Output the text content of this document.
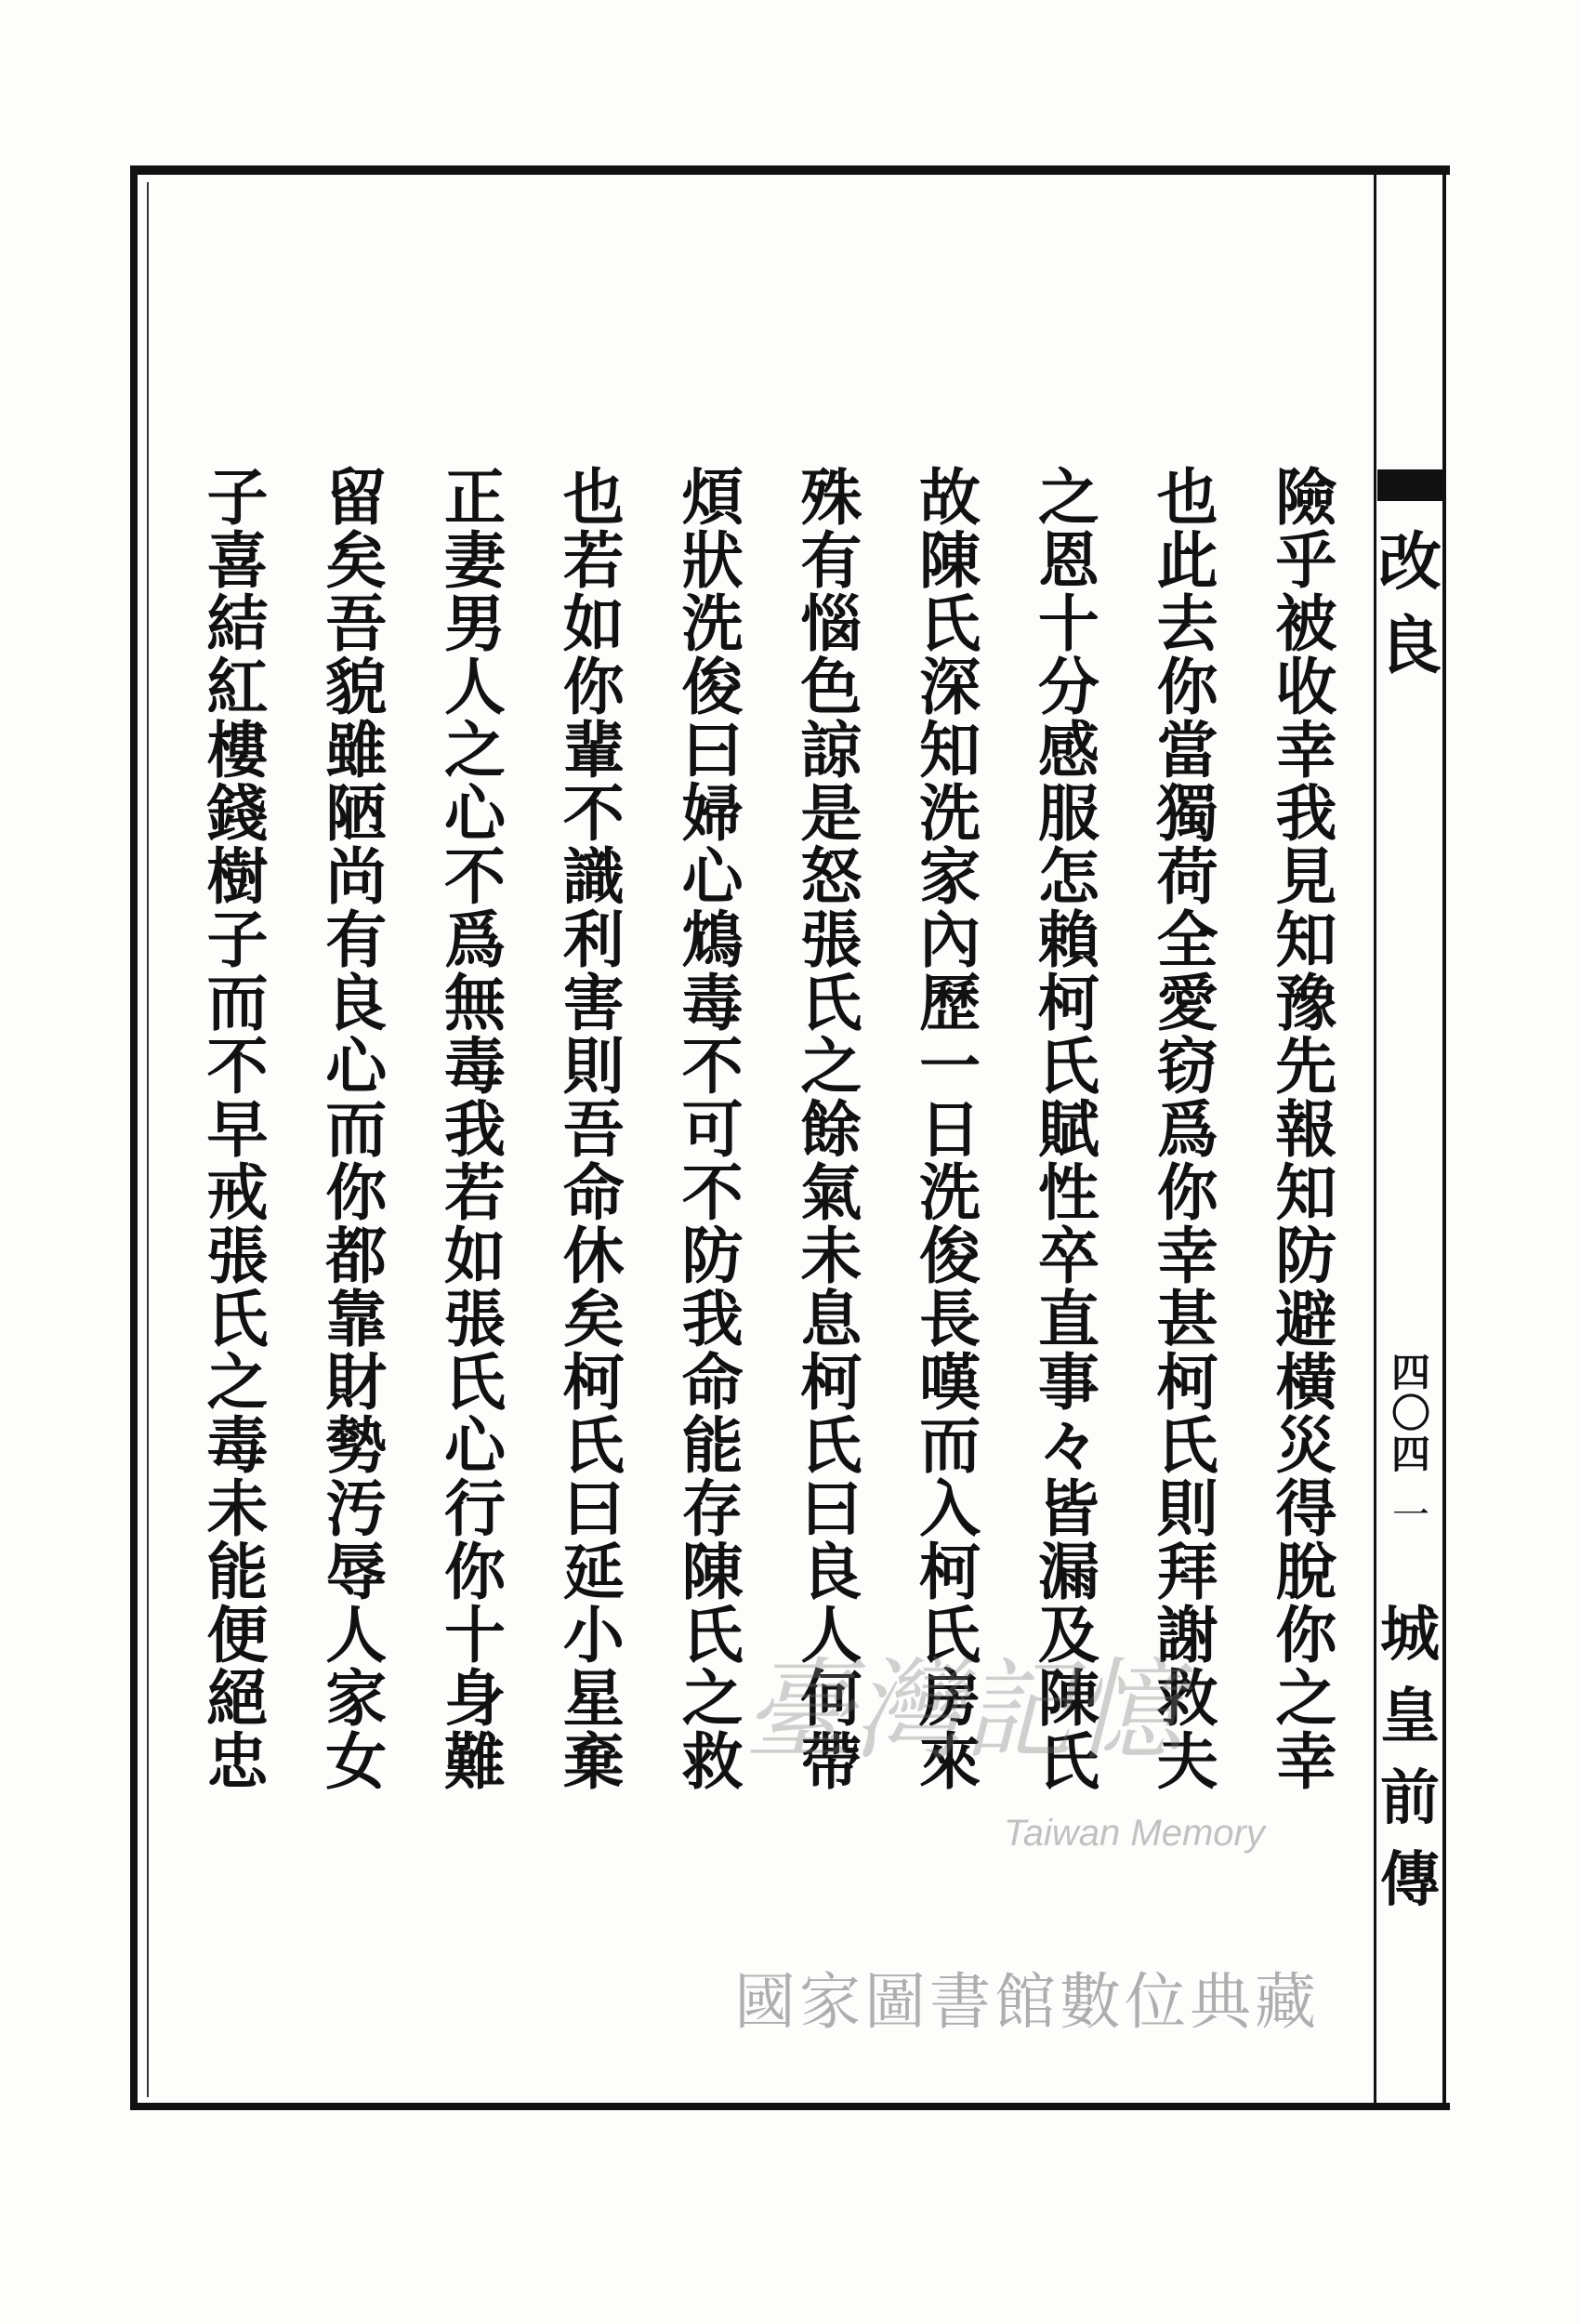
改良
四〇四
一
城皇前傳
險乎被收幸我見知豫先報知防避橫災得脫你之幸
也此去你當獨荷全愛窃爲你幸甚柯氏則拜謝救夫
之恩十分感服怎賴柯氏賦性卒直事々皆漏及陳氏
故陳氏深知洗家內歷一日洗俊長嘆而入柯氏房來
殊有惱色諒是怒張氏之餘氣未息柯氏曰良人何帶
煩狀洗俊曰婦心鴆毒不可不防我命能存陳氏之救
也若如你輩不識利害則吾命休矣柯氏曰延小星棄
正妻男人之心不爲無毒我若如張氏心行你十身難
留矣吾貌雖陋尚有良心而你都靠財勢汚辱人家女
子喜結紅樓錢樹子而不早戒張氏之毒未能便絕忠	臺灣記憶
Taiwan Memory
國家圖書館數位典藏
